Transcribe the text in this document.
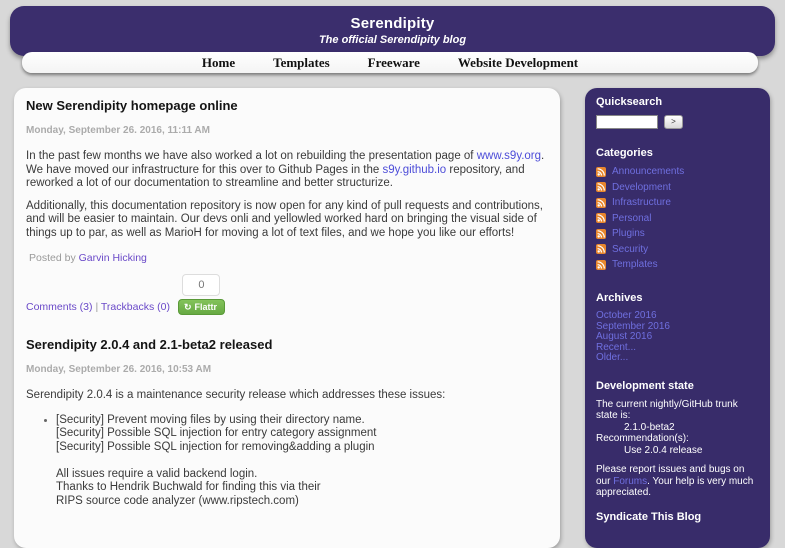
Serendipity
The official Serendipity blog
Home	Templates	Freeware	Website Development
New Serendipity homepage online
Monday, September 26. 2016, 11:11 AM

In the past few months we have also worked a lot on rebuilding the presentation page of www.s9y.org. We have moved our infrastructure for this over to Github Pages in the s9y.github.io repository, and reworked a lot of our documentation to streamline and better structurize.

Additionally, this documentation repository is now open for any kind of pull requests and contributions, and will be easier to maintain. Our devs onli and yellowled worked hard on bringing the visual side of things up to par, as well as MarioH for moving a lot of text files, and we hope you like our efforts!

Posted by Garvin Hicking
Comments (3) | Trackbacks (0)
0
↻ Flattr
Serendipity 2.0.4 and 2.1-beta2 released
Monday, September 26. 2016, 10:53 AM

Serendipity 2.0.4 is a maintenance security release which addresses these issues:

• [Security] Prevent moving files by using their directory name.
[Security] Possible SQL injection for entry category assignment
[Security] Possible SQL injection for removing&adding a plugin
All issues require a valid backend login.
Thanks to Hendrik Buchwald for finding this via their
RIPS source code analyzer (www.ripstech.com)
Quicksearch
>
Categories
Announcements
Development
Infrastructure
Personal
Plugins
Security
Templates
Archives
October 2016
September 2016
August 2016
Recent...
Older...
Development state
The current nightly/GitHub trunk state is:
2.1.0-beta2
Recommendation(s):
Use 2.0.4 release
Please report issues and bugs on our Forums. Your help is very much appreciated.
Syndicate This Blog
